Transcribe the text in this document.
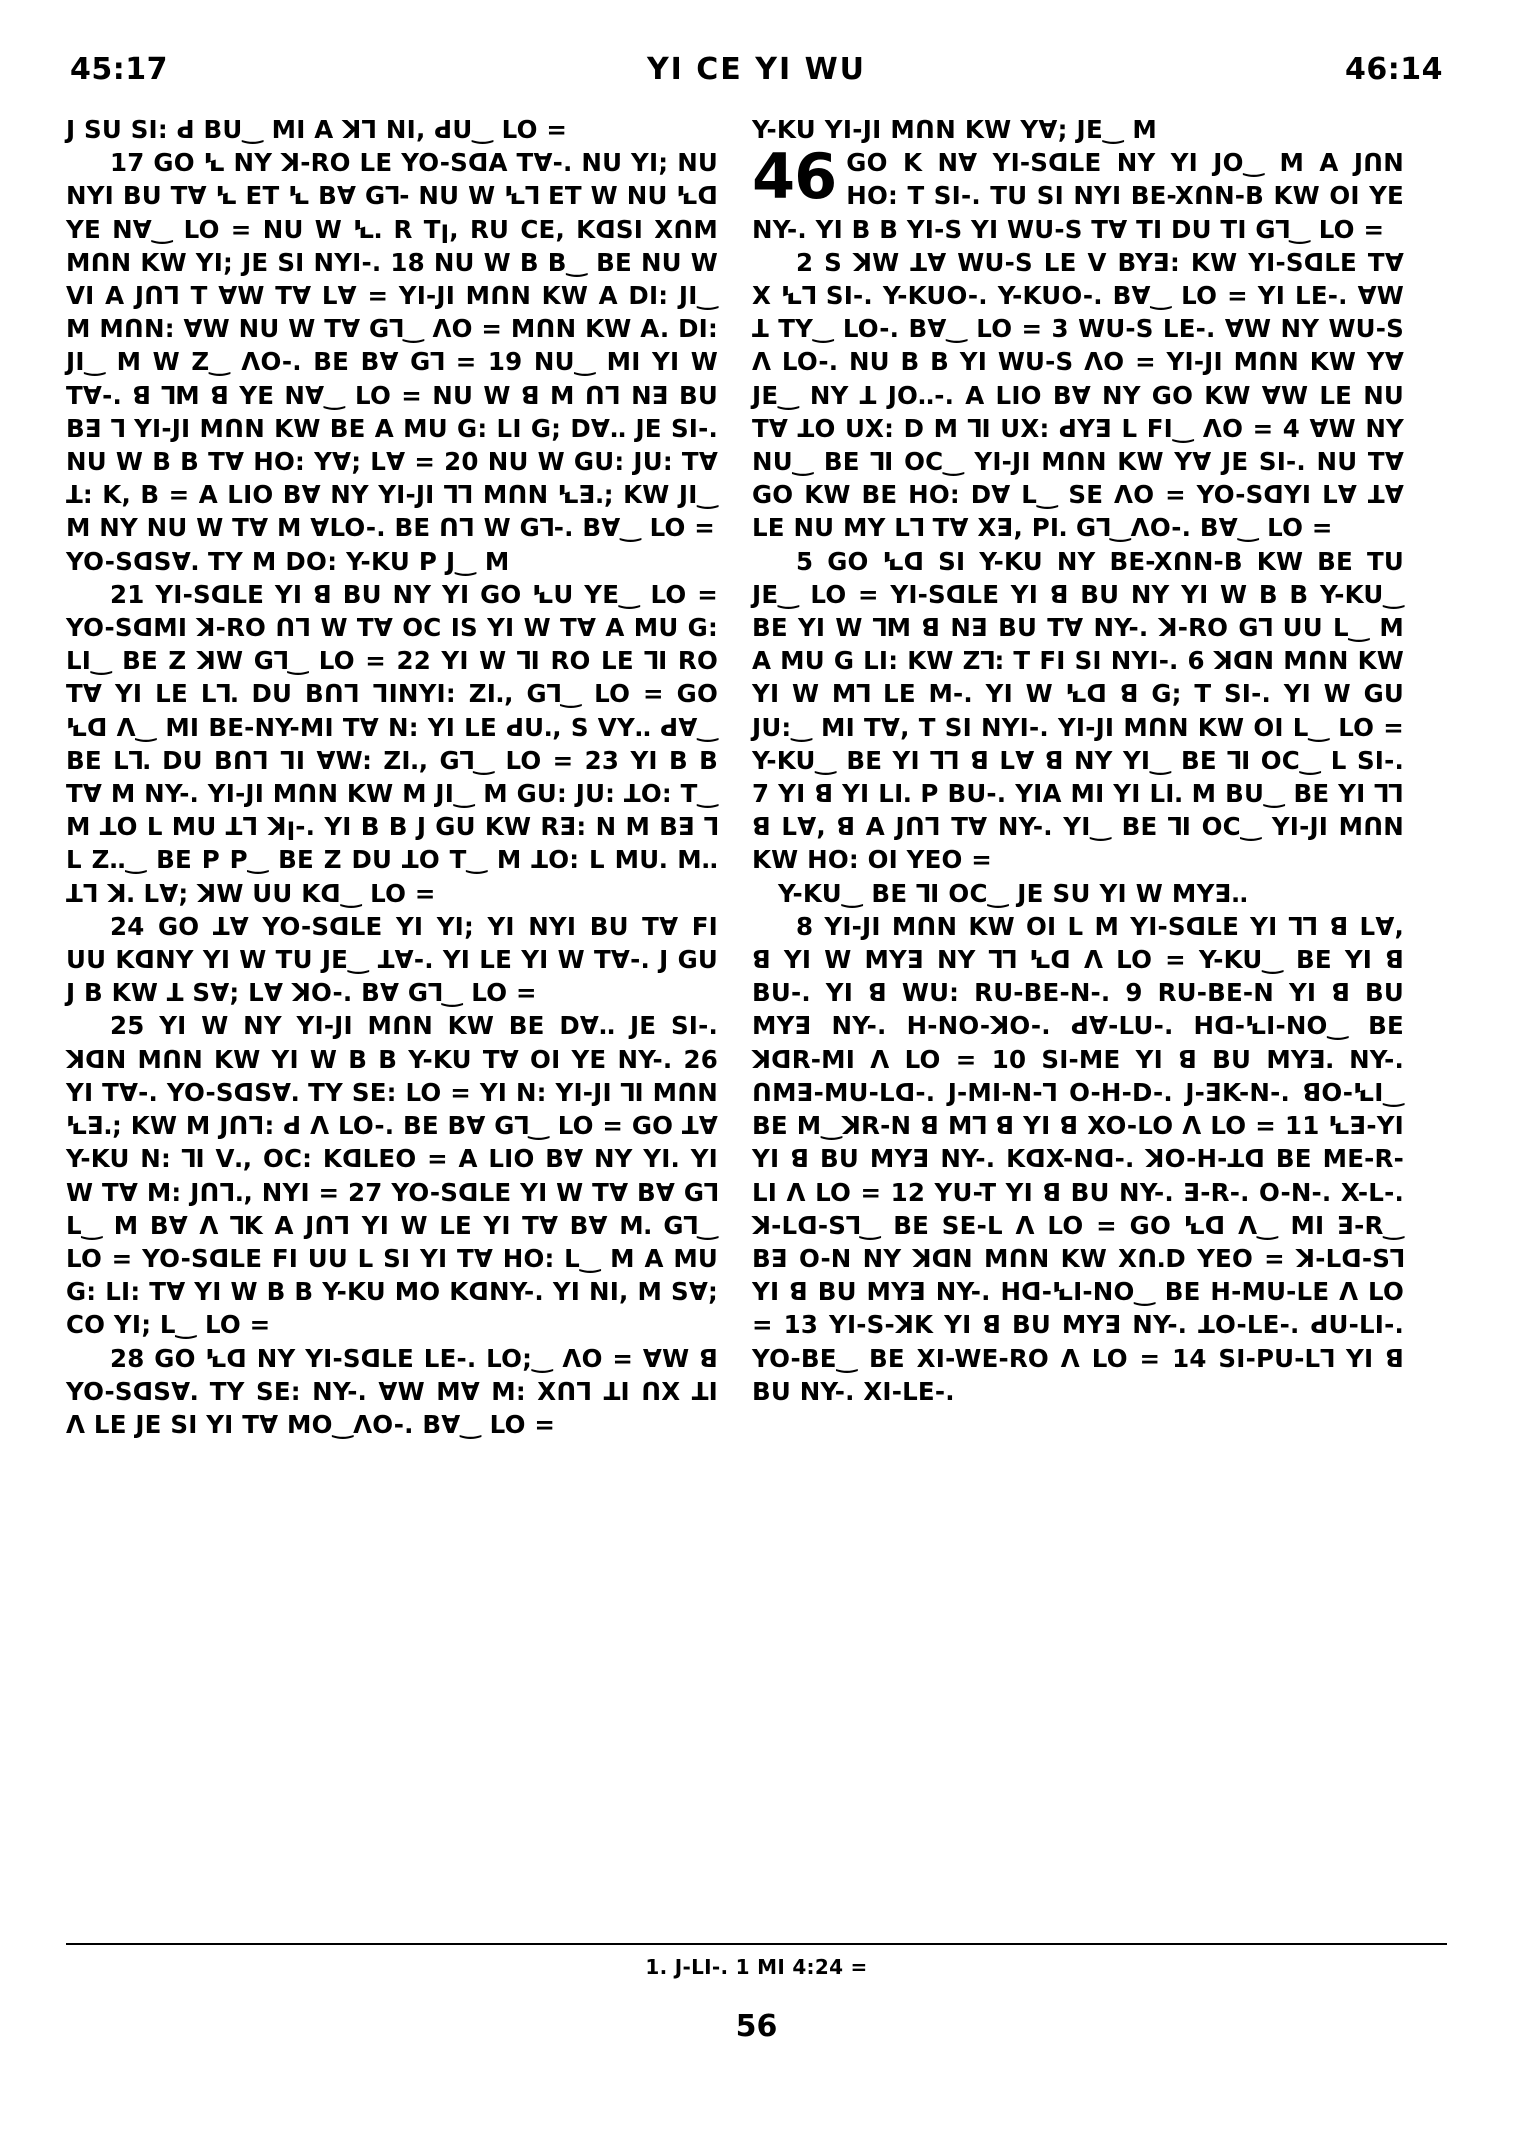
45:17	YI CE YI WU	46:14

J SU SI: ꓒ BU‿ MI A ꓘꞀ NI, ꓒU‿ LO =

17 GO Ꝇ NY ꓘ-RO LE YO-SꓷA TⱯ-. NU YI; NU NYI BU TⱯ Ꝇ ET Ꝇ BⱯ Gꓶ- NU W Ꝇꓶ ET W NU Ꝇꓷ YE NⱯ‿ LO = NU W Ꝇꓸ R ꓔꞁ, RU CE, KꓷSI XꓵM MꓵN KW YI; JE SI NYI-. 18 NU W B B‿ BE NU W VI A JꓵꞀ ꓔ ⱯW TⱯ LⱯ = YI-JI MꓵN KW A DI: JI‿ M MꓵN: ⱯW NU W TⱯ Gꓶ‿ ꓥO = MꓵN KW A. DI: JI‿ M W Z‿ ꓥO-. BE BⱯ Gꓶ = 19 NU‿ MI YI W TⱯ-. ꓭ ꓶM ꓭ YE NⱯ‿ LO = NU W ꓭ M ꓵꞀ Nꓱ BU Bꓱ ꓶ YI-JI MꓵN KW BE A MU G: LI G; DⱯꓸꓸ JE SI-. NU W B B TⱯ HO: YⱯ; LⱯ = 20 NU W GU: JU: TⱯ ꓕ: K, B = A LIO BⱯ NY YI-JI ꓶꞀ MꓵN Ꝇꓱꓸ; KW JI‿ M NY NU W TⱯ M ⱯLO-. BE ꓵꞀ W Gꓶ-. BⱯ‿ LO =

YO-SꓷSⱯꓸ TY M DO: Y-KU ꓑ J‿ M

21 YI-SꓷLE YI ꓭ BU NY YI GO Ꝇꓴ YE‿ LO = YO-SꓷMI ꓘ-RO ꓵꞀ W TⱯ ꓳC IS YI W TⱯ A MU G: LI‿ BE Z ꓘW Gꓶ‿ LO = 22 YI W ꓶI RO LE ꓶI RO TⱯ YI LE Lꓶꓸ DU BꓵꞀ ꞀꓲNYI: ZIꓸ, Gꓶ‿ LO = GO Ꝇꓷ ꓥ‿ MI BE-NY-MI TⱯ N: YI LE ꓒUꓸ, S VYꓸꓸ ꓒⱯ‿ BE Lꓶꓸ DU BꓵꞀ Ꞁꓲ ⱯW: ZIꓸ, Gꓶ‿ LO = 23 YI B B TⱯ M NY-. YI-JI MꓵN KW M JI‿ M GU: JU: ꓕO: T‿ M ꓕO L MU ꓕꞀ ꓘꞁ-. YI B B J GU KW Rꓱ: N M Bꓱ ꓶ L Zꓸꓸ‿ BE P P‿ BE Z DU ꓕO T‿ M ꓕO: L MUꓸ Mꓸꓸ ꓕꞀ ꓘꓸ LⱯ; ꓘW ꓴU Kꓷ‿ LO =

24 GO ꓕⱯ YO-SꓷLE YI YI; YI NYI BU TⱯ FI ꓴU KꓷNY YI W TU JE‿ ꓕⱯ-. YI LE YI W TⱯ-. J GU J B KW ꓕ SⱯ; LⱯ ꓘO-. BⱯ Gꓶ‿ LO =

25 YI W NY YI-JI MꓵN KW BE DⱯꓸꓸ JE SI-. ꓘꓷN MꓵN KW YI W B B Y-KU TⱯ ꓳI YE NY-. 26 YI TⱯ-. YO-SꓷSⱯꓸ TY SE: LO = YI N: YI-JI ꓶI MꓵN Ꝇꓱꓸ; KW M JꓵꞀ: ꓒ ꓥ LO-. BE BⱯ Gꓶ‿ LO = GO ꓕⱯ Y-KU N: ꓶI Vꓸ, ꓳC: KꓷLEO = A LIO BⱯ NY YI. YI W TⱯ M: JꓵꞀꓸ, NYI = 27 YO-SꓷLE YI W TⱯ BⱯ Gꓶ L‿ M BⱯ ꓥ ꓶK A JꓵꞀ YI W LE YI TⱯ BⱯ Mꓸ Gꓶ‿ LO = YO-SꓷLE FI ꓴU L SI YI TⱯ HO: L‿ M A MU G: LI: TⱯ YI W B B Y-KU MO KꓷNY-. YI NI, M SⱯ; CO YI; L‿ LO =

28 GO Ꝇꓷ NY YI-SꓷLE LE-. LO;‿ ꓥO = ⱯW ꓭ YO-SꓷSⱯꓸ TY SE: NY-. ⱯW MⱯ M: XꓵꞀ ꓕI ꓵX ꓕI ꓥ LE JE SI YI TⱯ MO‿ꓥO-. BⱯ‿ LO =

Y-KU YI-JI MꓵN KW YⱯ; JE‿ M

46 GO K NⱯ YI-SꓷLE NY YI JO‿ M A JꓵN HO: T SI-. TU SI NYI BE-XꓵN-B KW ꓳI YE NY-. YI B B YI-S YI WU-S TⱯ ꓔI DU ꓔI Gꓶ‿ LO =

2 S ꓘW ꓕⱯ WU-S LE V BYꓱ: KW YI-SꓷLE TⱯ X Ꝇꓶ SI-. Y-KUO-. Y-KUO-. BⱯ‿ LO = YI LE-. ⱯW ꓕ TY‿ LO-. BⱯ‿ LO = 3 WU-S LE-. ⱯW NY WU-S ꓥ LO-. NU B B YI WU-S ꓥO = YI-JI MꓵN KW YⱯ JE‿ NY ꓕ JOꓸꓸ-. A LIO BⱯ NY GO KW ⱯW LE NU TⱯ ꓕO UX: D M ꓶI UX: ꓒYꓱ L FI‿ ꓥO = 4 ⱯW NY NU‿ BE ꓶI ꓳC‿ YI-JI MꓵN KW YⱯ JE SI-. NU TⱯ GO KW BE HO: DⱯ L‿ SE ꓥO = YO-SꓷYI LⱯ ꓕⱯ LE NU MY Lꓶ TⱯ Xꓱ, PIꓸ Gꓶ‿ꓥO-. BⱯ‿ LO =

5 GO Ꝇꓷ SI Y-KU NY BE-XꓵN-B KW BE TU JE‿ LO = YI-SꓷLE YI ꓭ BU NY YI W B B Y-KU‿ BE YI W ꓶM ꓭ Nꓱ BU TⱯ NY-. ꓘ-RO Gꓶ ꓴU L‿ M A MU G LI: KW Zꓶ: T FI SI NYI-. 6 ꓘꓷN MꓵN KW YI W Mꓶ LE M-. YI W Ꝇꓷ ꓭ G; T SI-. YI W GU JU:‿ MI TⱯ, T SI NYI-. YI-JI MꓵN KW ꓳI L‿ LO = Y-KU‿ BE YI ꓶꞀ ꓭ LⱯ ꓭ NY YI‿ BE ꓶI ꓳC‿ L SI-. 7 YI ꓭ YI LIꓸ ꓑ BU-. YIA MI YI LIꓸ M BU‿ BE YI ꓶꞀ ꓭ LⱯ, ꓭ A JꓵꞀ TⱯ NY-. YI‿ BE ꓶI ꓳC‿ YI-JI MꓵN KW HO: ꓳI YEO =

Y-KU‿ BE ꓶI ꓳC‿ JE SU YI W MYꓱꓸꓸ

8 YI-JI MꓵN KW ꓳI L M YI-SꓷLE YI ꓶꞀ ꓭ LⱯ, ꓭ YI W MYꓱ NY ꓶꓶ Ꝇꓷ ꓥ LO = Y-KU‿ BE YI ꓭ BU-. YI ꓭ WU: RU-BE-N-. 9 RU-BE-N YI ꓭ BU MYꓱ NY-. H-NO-ꓘO-. ꓒⱯ-LU-. Hꓷ-Ꝇꓲ-NO‿ BE ꓘꓷR-MI ꓥ LO = 10 SI-ME YI ꓭ BU MYꓱꓸ NY-. ꓵMꓱ-MU-Lꓷ-. J-MI-N-ꓶ O-H-D-. J-ꓱK-N-. ꓭO-Ꝇꓲ‿ BE M‿ꓘR-N ꓭ Mꓶ ꓭ YI ꓭ XO-LO ꓥ LO = 11 Ꝇꓱ-YI YI ꓭ BU MYꓱ NY-. KꓷX-Nꓷ-. ꓘO-H-ꓕꓷ BE ME-R-LI ꓥ LO = 12 YU-T YI ꓭ BU NY-. ꓱ-R-. O-N-. X-L-. ꓘ-Lꓷ-Sꓶ‿ BE SE-L ꓥ LO = GO Ꝇꓷ ꓥ‿ MI ꓱ-R‿ Bꓱ O-N NY ꓘꓷN MꓵN KW XꓵꓸD YEO = ꓘ-Lꓷ-Sꓶ YI ꓭ BU MYꓱ NY-. Hꓷ-Ꝇꓲ-NO‿ BE H-MU-LE ꓥ LO = 13 YI-S-ꓘK YI ꓭ BU MYꓱ NY-. ꓕO-LE-. ꓒU-LI-. YO-BE‿ BE XI-WE-RO ꓥ LO = 14 SI-PU-Lꓶ YI ꓭ BU NY-. XI-LE-.

1. J-LI-. 1 MI 4:24 =
56
